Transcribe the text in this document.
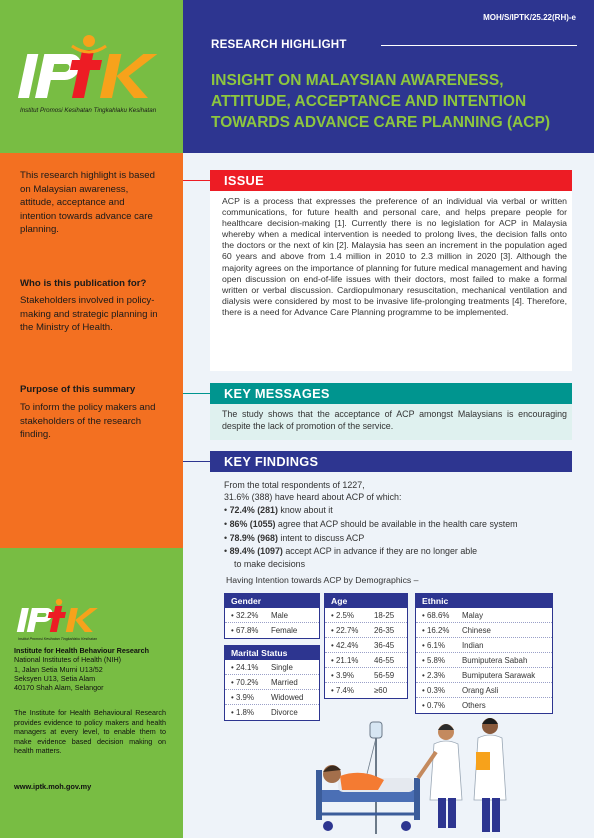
Institut Promosi Kesihatan Tingkahlaku Kesihatan
This research highlight is based on Malaysian awareness, attitude, acceptance and intention towards advance care planning.
Who is this publication for?
Stakeholders involved in policy-making and strategic planning in the Ministry of Health.
Purpose of this summary
To inform the policy makers and stakeholders of the research finding.
Institut Promosi Kesihatan Tingkahlaku Kesihatan
Institute for Health Behaviour Research
National Institutes of Health (NIH)
1, Jalan Setia Murni U13/52
Seksyen U13, Setia Alam
40170 Shah Alam, Selangor
The Institute for Health Behavioural Research provides evidence to policy makers and health managers at every level, to enable them to make evidence based decision making on health matters.
www.iptk.moh.gov.my
MOH/S/IPTK/25.22(RH)-e
RESEARCH HIGHLIGHT
INSIGHT ON MALAYSIAN AWARENESS, ATTITUDE, ACCEPTANCE AND INTENTION TOWARDS ADVANCE CARE PLANNING (ACP)
ISSUE
ACP is a process that expresses the preference of an individual via verbal or written communications, for future health and personal care, and helps prepare people for healthcare decision-making [1]. Currently there is no legislation for ACP in Malaysia whereby when a medical intervention is needed to prolong lives, the decision falls onto the doctors or the next of kin [2]. Malaysia has seen an increment in the population aged 60 years and above from 1.4 million in 2010 to 2.3 million in 2020 [3]. Although the majority agrees on the importance of planning for future medical management and having open discussion on end-of-life issues with their doctors, most failed to make a formal written or verbal discussion. Cardiopulmonary resuscitation, mechanical ventilation and dialysis were considered by most to be invasive life-prolonging treatments [4]. Therefore, there is a need for Advance Care Planning programme to be implemented.
KEY MESSAGES
The study shows that the acceptance of ACP amongst Malaysians is encouraging despite the lack of promotion of the service.
KEY FINDINGS
From the total respondents of 1227,
31.6% (388) have heard about ACP of which:
• 72.4% (281) know about it
• 86% (1055) agree that ACP should be available in the health care system
• 78.9% (968) intent to discuss ACP
• 89.4% (1097) accept ACP in advance if they are no longer able
to make decisions
Having Intention towards ACP by Demographics –
Gender
• 32.2% Male
• 67.8% Female
Marital Status
• 24.1% Single
• 70.2% Married
• 3.9% Widowed
• 1.8% Divorce
Age
• 2.5%	18-25
• 22.7% 26-35
• 42.4% 36-45
• 21.1% 46-55
• 3.9%	56-59
• 7.4%	≥60
Ethnic
• 68.6% Malay
• 16.2% Chinese
• 6.1% Indian
• 5.8% Bumiputera Sabah
• 2.3% Bumiputera Sarawak
• 0.3% Orang Asli
• 0.7% Others
